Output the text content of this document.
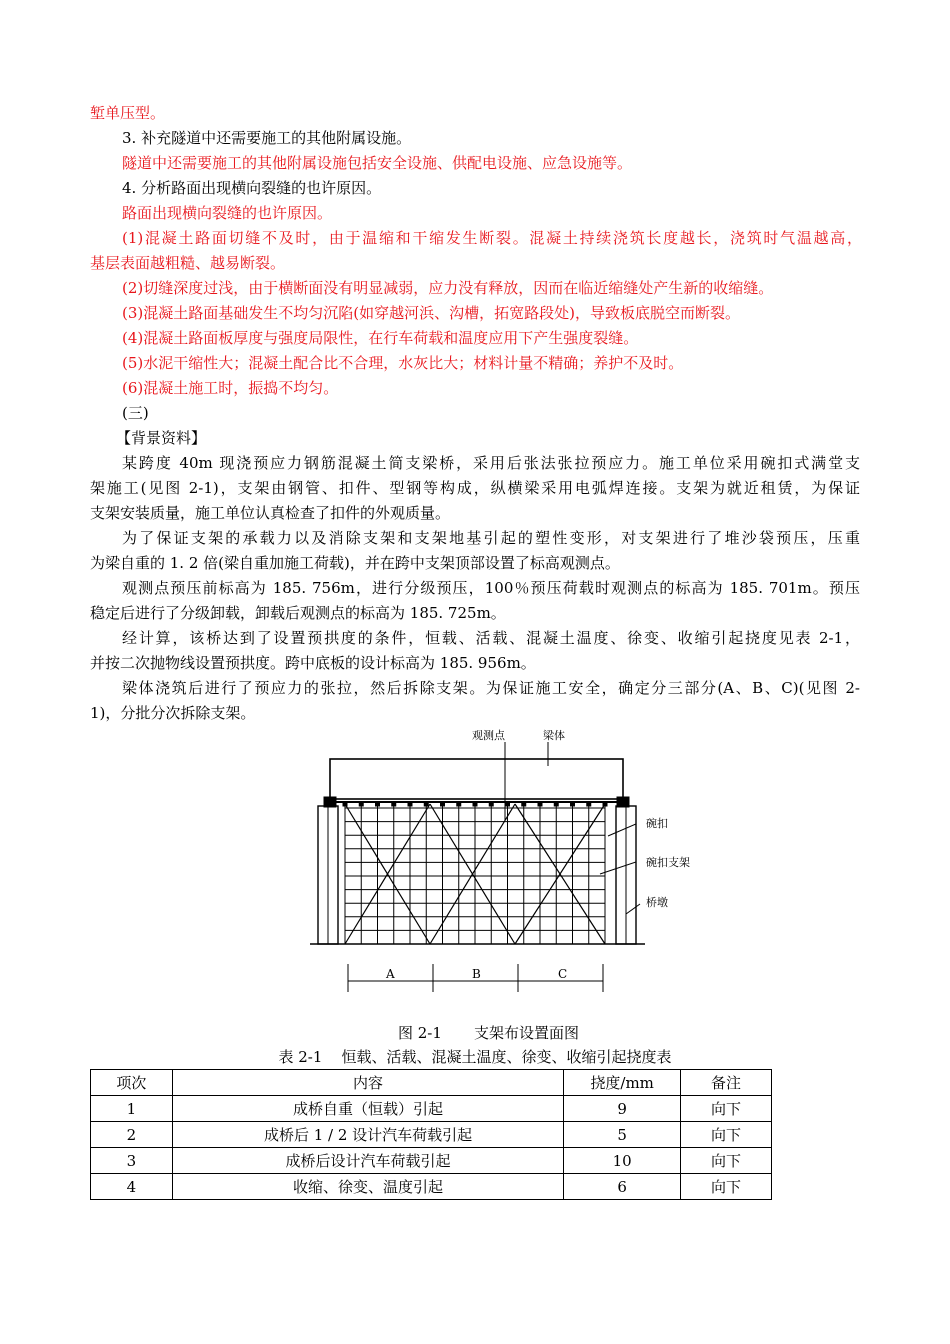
堑单压型。
3. 补充隧道中还需要施工的其他附属设施。
隧道中还需要施工的其他附属设施包括安全设施、供配电设施、应急设施等。
4. 分析路面出现横向裂缝的也许原因。
路面出现横向裂缝的也许原因。
(1)混凝土路面切缝不及时，由于温缩和干缩发生断裂。混凝土持续浇筑长度越长，浇筑时气温越高，
基层表面越粗糙、越易断裂。
(2)切缝深度过浅，由于横断面没有明显减弱，应力没有释放，因而在临近缩缝处产生新的收缩缝。
(3)混凝土路面基础发生不均匀沉陷(如穿越河浜、沟槽，拓宽路段处)，导致板底脱空而断裂。
(4)混凝土路面板厚度与强度局限性，在行车荷载和温度应用下产生强度裂缝。
(5)水泥干缩性大；混凝土配合比不合理，水灰比大；材料计量不精确；养护不及时。
(6)混凝土施工时，振捣不均匀。
(三)
【背景资料】
某跨度 40m 现浇预应力钢筋混凝土简支梁桥，采用后张法张拉预应力。施工单位采用碗扣式满堂支
架施工(见图 2-1)，支架由钢管、扣件、型钢等构成，纵横梁采用电弧焊连接。支架为就近租赁，为保证
支架安装质量，施工单位认真检查了扣件的外观质量。
为了保证支架的承载力以及消除支架和支架地基引起的塑性变形，对支架进行了堆沙袋预压，压重
为梁自重的 1. 2 倍(梁自重加施工荷载)，并在跨中支架顶部设置了标高观测点。
观测点预压前标高为 185. 756m，进行分级预压，100％预压荷载时观测点的标高为 185. 701m。预压
稳定后进行了分级卸载，卸载后观测点的标高为 185. 725m。
经计算，该桥达到了设置预拱度的条件，恒载、活载、混凝土温度、徐变、收缩引起挠度见表 2-1，
并按二次抛物线设置预拱度。跨中底板的设计标高为 185. 956m。
梁体浇筑后进行了预应力的张拉，然后拆除支架。为保证施工安全，确定分三部分(A、B、C)(见图 2-
1)，分批分次拆除支架。
观测点	梁体
碗扣
碗扣支架
桥墩
A	B	C
图 2-1 支架布设置面图
表 2-1    恒载、活载、混凝土温度、徐变、收缩引起挠度表
项次	内容	挠度/mm	备注
1	成桥自重（恒载）引起	9	向下
2	成桥后 1 / 2 设计汽车荷载引起	5	向下
3	成桥后设计汽车荷载引起	10	向下
4	收缩、徐变、温度引起	6	向下
